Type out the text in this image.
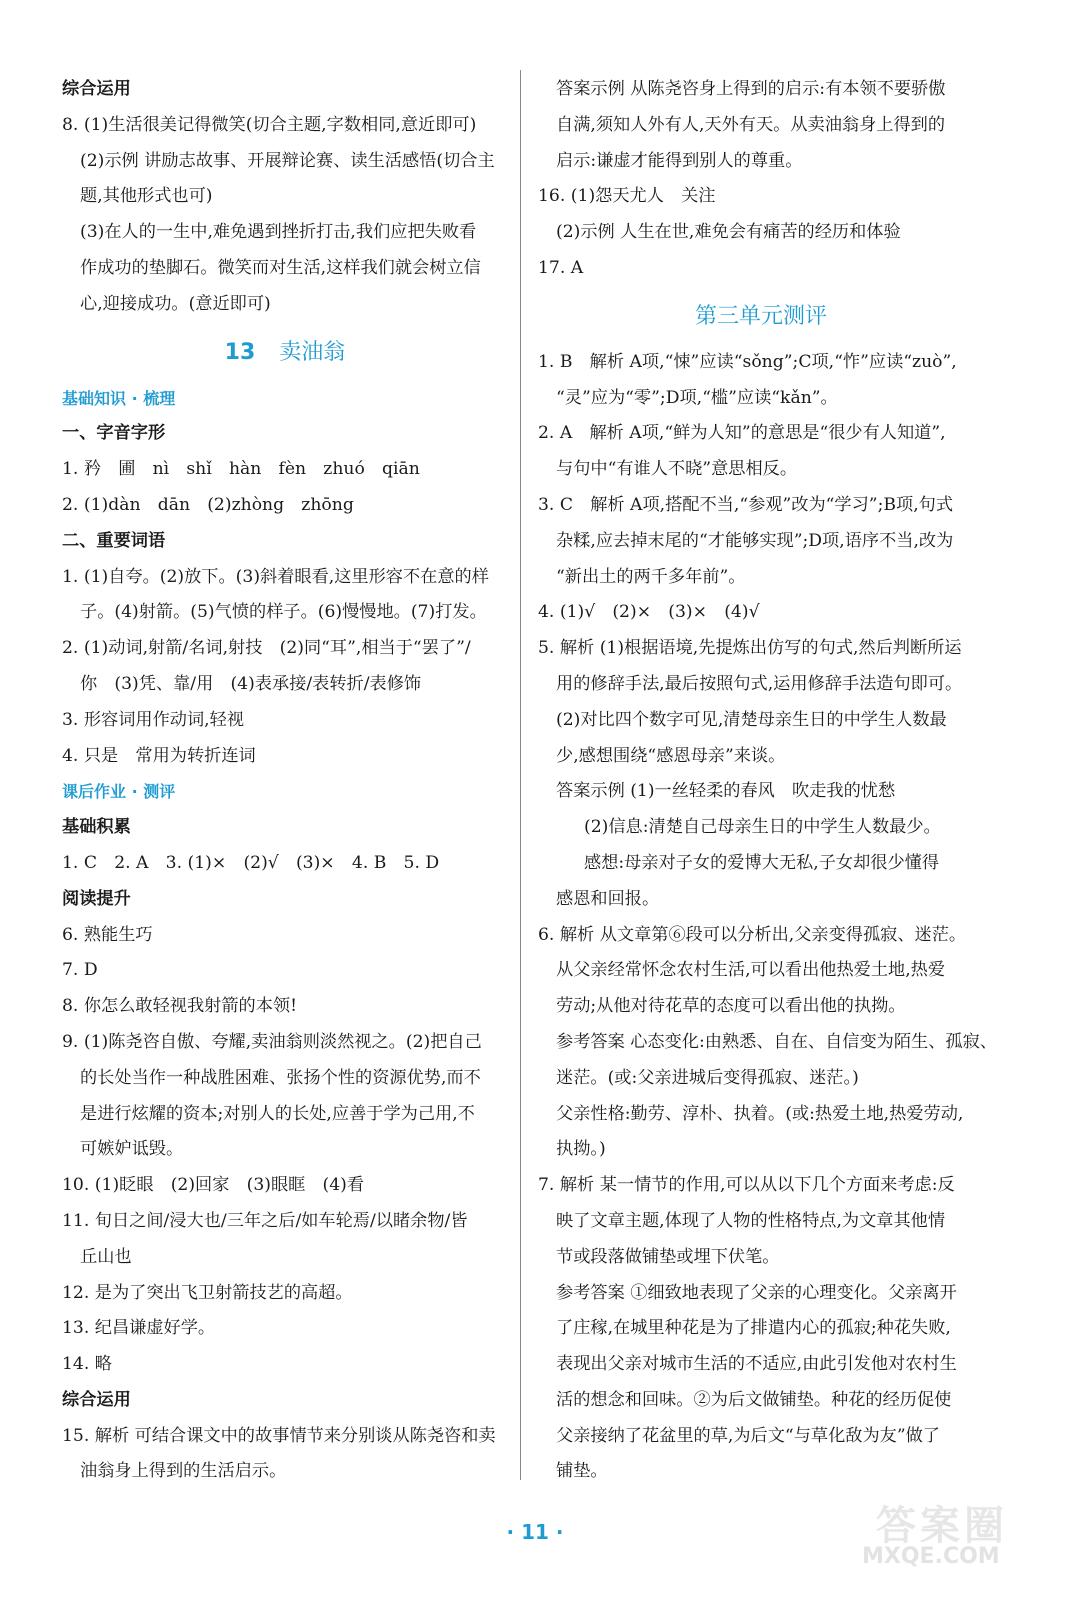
综合运用
8. (1)生活很美记得微笑(切合主题,字数相同,意近即可)
(2)示例 讲励志故事、开展辩论赛、读生活感悟(切合主
题,其他形式也可)
(3)在人的一生中,难免遇到挫折打击,我们应把失败看
作成功的垫脚石。微笑而对生活,这样我们就会树立信
心,迎接成功。(意近即可)
13 卖油翁
基础知识 · 梳理
一、字音字形
1. 矜　圃　nì　shǐ　hàn　fèn　zhuó　qiān
2. (1)dàn　dān　(2)zhòng　zhōng
二、重要词语
1. (1)自夸。(2)放下。(3)斜着眼看,这里形容不在意的样
子。(4)射箭。(5)气愤的样子。(6)慢慢地。(7)打发。
2. (1)动词,射箭/名词,射技　(2)同“耳”,相当于“罢了”/
你　(3)凭、靠/用　(4)表承接/表转折/表修饰
3. 形容词用作动词,轻视
4. 只是　常用为转折连词
课后作业 · 测评
基础积累
1. C　2. A　3. (1)×　(2)√　(3)×　4. B　5. D
阅读提升
6. 熟能生巧
7. D
8. 你怎么敢轻视我射箭的本领!
9. (1)陈尧咨自傲、夸耀,卖油翁则淡然视之。(2)把自己
的长处当作一种战胜困难、张扬个性的资源优势,而不
是进行炫耀的资本;对别人的长处,应善于学为己用,不
可嫉妒诋毁。
10. (1)眨眼　(2)回家　(3)眼眶　(4)看
11. 旬日之间/浸大也/三年之后/如车轮焉/以睹余物/皆
丘山也
12. 是为了突出飞卫射箭技艺的高超。
13. 纪昌谦虚好学。
14. 略
综合运用
15. 解析 可结合课文中的故事情节来分别谈从陈尧咨和卖
油翁身上得到的生活启示。
答案示例 从陈尧咨身上得到的启示:有本领不要骄傲
自满,须知人外有人,天外有天。从卖油翁身上得到的
启示:谦虚才能得到别人的尊重。
16. (1)怨天尤人　关注
(2)示例 人生在世,难免会有痛苦的经历和体验
17. A
第三单元测评
1. B　解析 A项,“悚”应读“sǒng”;C项,“怍”应读“zuò”,
“灵”应为“零”;D项,“槛”应读“kǎn”。
2. A　解析 A项,“鲜为人知”的意思是“很少有人知道”,
与句中“有谁人不晓”意思相反。
3. C　解析 A项,搭配不当,“参观”改为“学习”;B项,句式
杂糅,应去掉末尾的“才能够实现”;D项,语序不当,改为
“新出土的两千多年前”。
4. (1)√　(2)×　(3)×　(4)√
5. 解析 (1)根据语境,先提炼出仿写的句式,然后判断所运
用的修辞手法,最后按照句式,运用修辞手法造句即可。
(2)对比四个数字可见,清楚母亲生日的中学生人数最
少,感想围绕“感恩母亲”来谈。
答案示例 (1)一丝轻柔的春风　吹走我的忧愁
(2)信息:清楚自己母亲生日的中学生人数最少。
感想:母亲对子女的爱博大无私,子女却很少懂得
感恩和回报。
6. 解析 从文章第⑥段可以分析出,父亲变得孤寂、迷茫。
从父亲经常怀念农村生活,可以看出他热爱土地,热爱
劳动;从他对待花草的态度可以看出他的执拗。
参考答案 心态变化:由熟悉、自在、自信变为陌生、孤寂、
迷茫。(或:父亲进城后变得孤寂、迷茫。)
父亲性格:勤劳、淳朴、执着。(或:热爱土地,热爱劳动,
执拗。)
7. 解析 某一情节的作用,可以从以下几个方面来考虑:反
映了文章主题,体现了人物的性格特点,为文章其他情
节或段落做铺垫或埋下伏笔。
参考答案 ①细致地表现了父亲的心理变化。父亲离开
了庄稼,在城里种花是为了排遣内心的孤寂;种花失败,
表现出父亲对城市生活的不适应,由此引发他对农村生
活的想念和回味。②为后文做铺垫。种花的经历促使
父亲接纳了花盆里的草,为后文“与草化敌为友”做了
铺垫。
· 11 ·	答案圈
MXQE.COM
